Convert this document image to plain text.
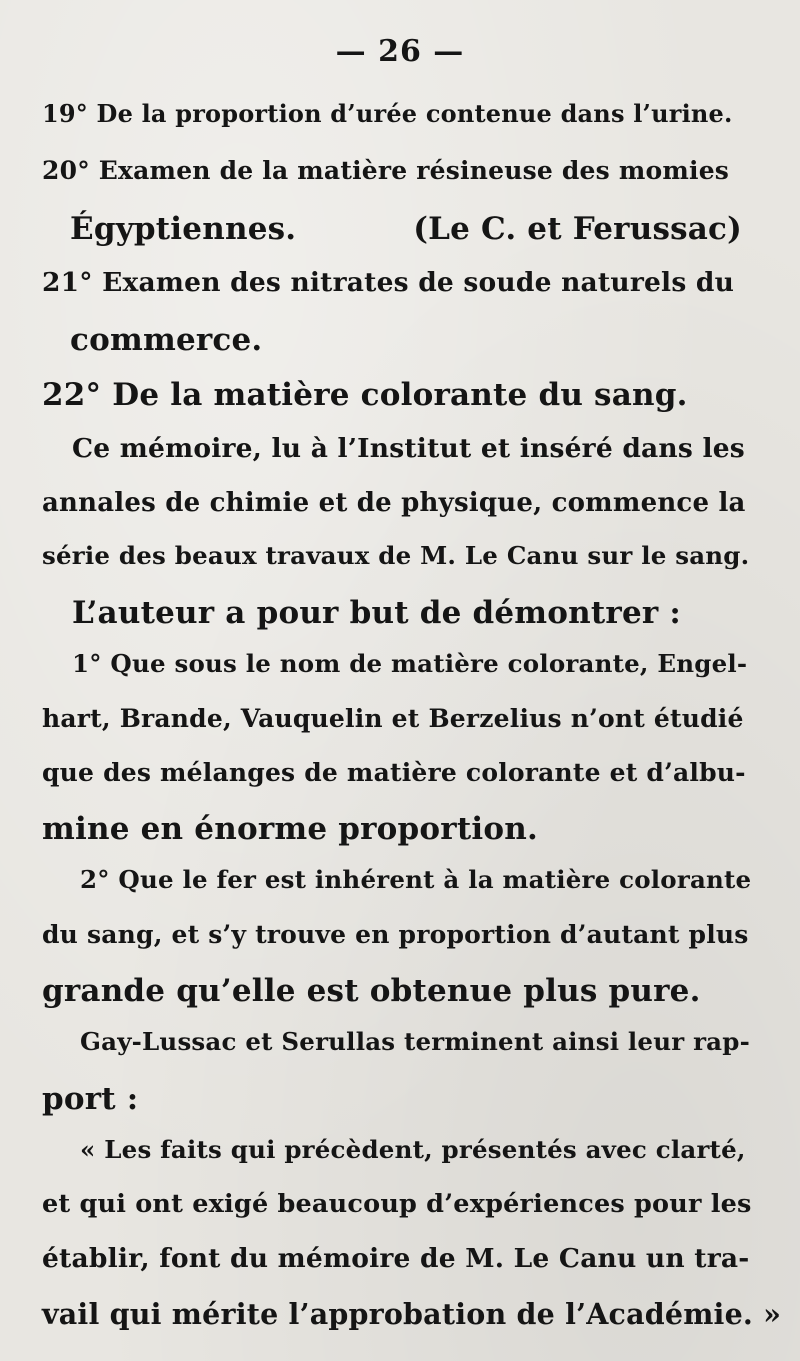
— 26 —
19° De la proportion d’urée contenue dans l’urine.
20° Examen de la matière résineuse des momies
Égyptiennes.	(Le C. et Ferussac)
21° Examen des nitrates de soude naturels du
commerce.
22° De la matière colorante du sang.
Ce mémoire, lu à l’Institut et inséré dans les
annales de chimie et de physique, commence la
série des beaux travaux de M. Le Canu sur le sang.
L’auteur a pour but de démontrer :
1° Que sous le nom de matière colorante, Engel-
hart, Brande, Vauquelin et Berzelius n’ont étudié
que des mélanges de matière colorante et d’albu-
mine en énorme proportion.
2° Que le fer est inhérent à la matière colorante
du sang, et s’y trouve en proportion d’autant plus
grande qu’elle est obtenue plus pure.
Gay-Lussac et Serullas terminent ainsi leur rap-
port :
« Les faits qui précèdent, présentés avec clarté,
et qui ont exigé beaucoup d’expériences pour les
établir, font du mémoire de M. Le Canu un tra-
vail qui mérite l’approbation de l’Académie. »
